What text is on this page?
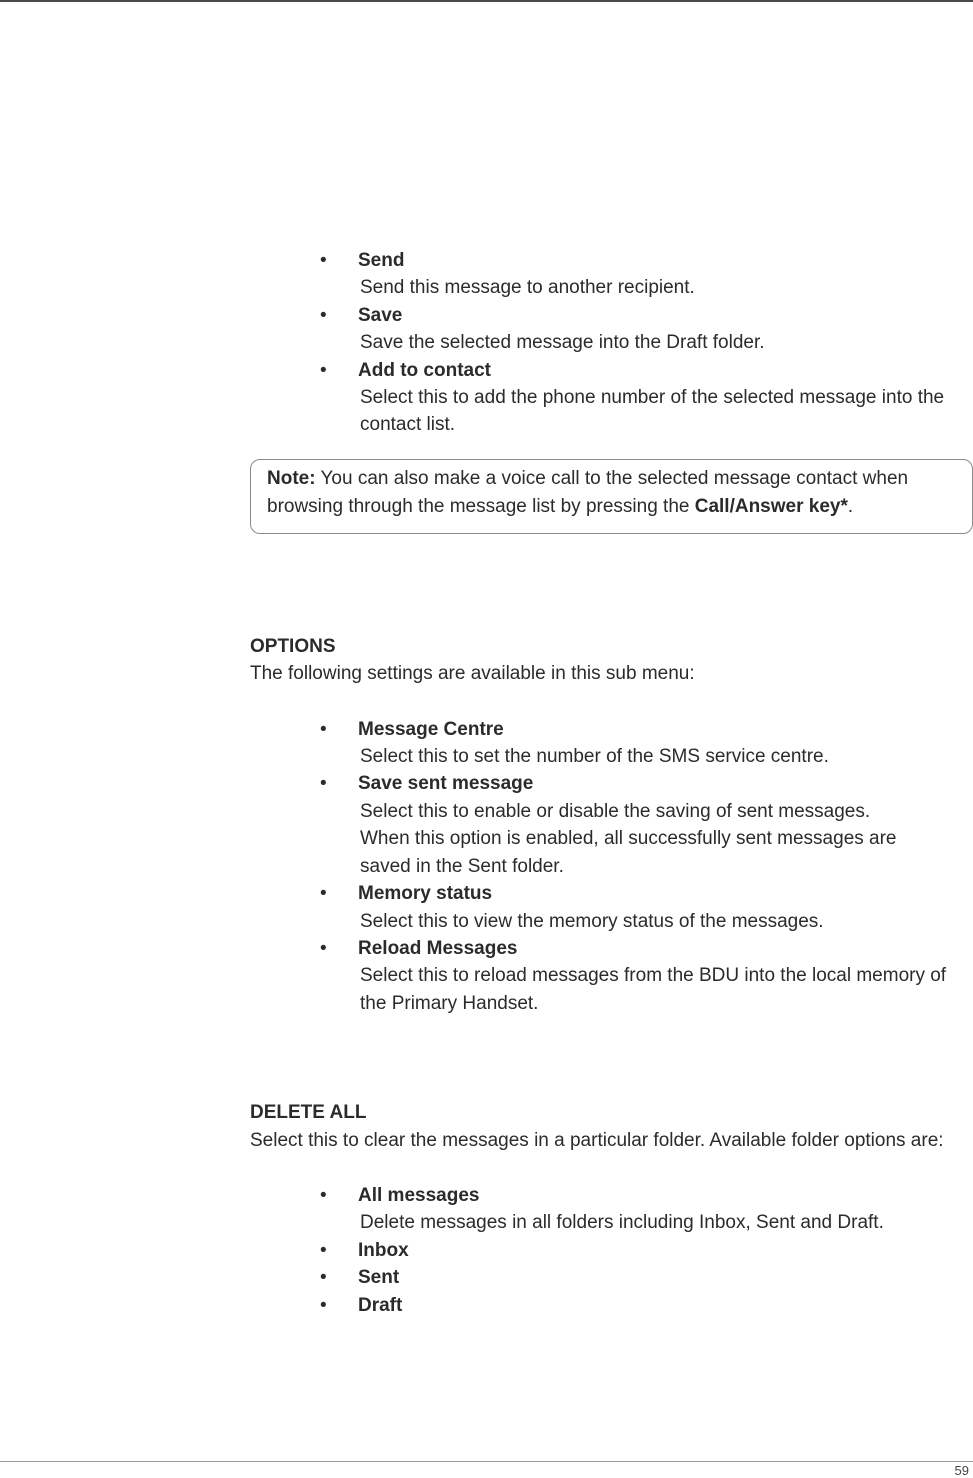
• Send
Send this message to another recipient.
• Save
Save the selected message into the Draft folder.
• Add to contact
Select this to add the phone number of the selected message into the
contact list.
Note: You can also make a voice call to the selected message contact when
browsing through the message list by pressing the Call/Answer key*.
OPTIONS
The following settings are available in this sub menu:
• Message Centre
Select this to set the number of the SMS service centre.
• Save sent message
Select this to enable or disable the saving of sent messages.
When this option is enabled, all successfully sent messages are
saved in the Sent folder.
• Memory status
Select this to view the memory status of the messages.
• Reload Messages
Select this to reload messages from the BDU into the local memory of
the Primary Handset.
DELETE ALL
Select this to clear the messages in a particular folder. Available folder options are:
• All messages
Delete messages in all folders including Inbox, Sent and Draft.
• Inbox
• Sent
• Draft
59
